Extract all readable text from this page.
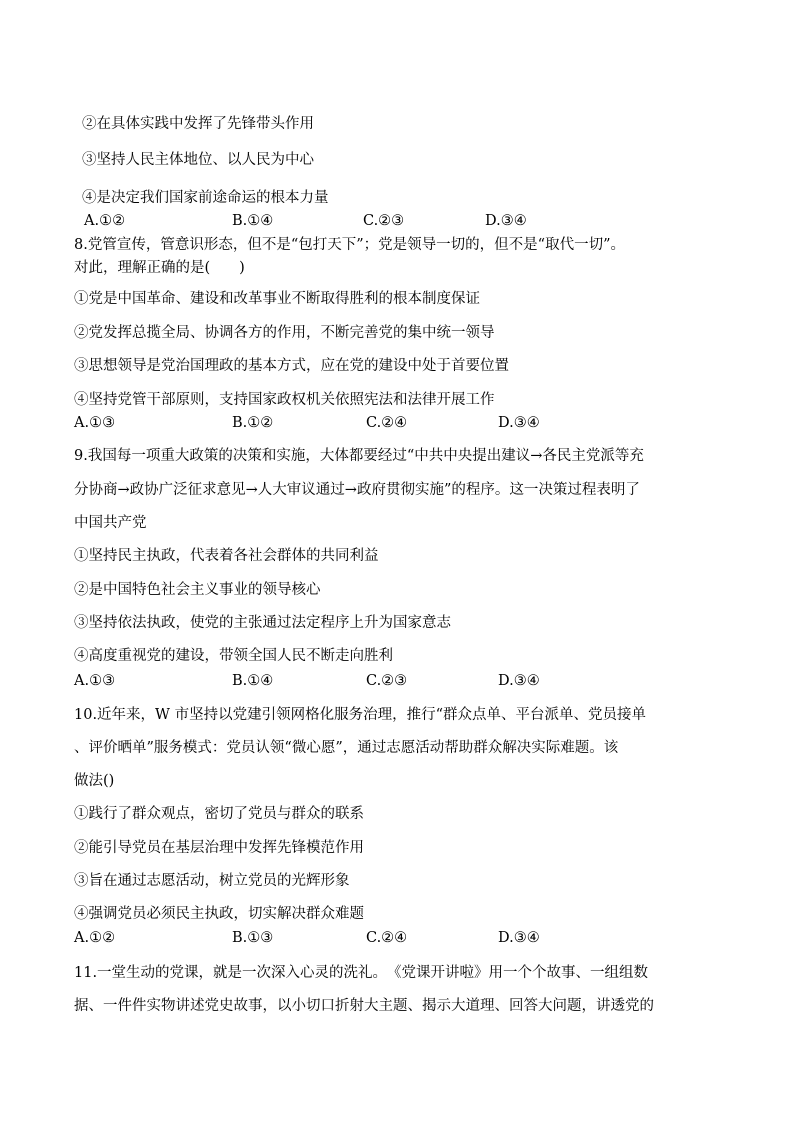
②在具体实践中发挥了先锋带头作用
③坚持人民主体地位、以人民为中心
④是决定我们国家前途命运的根本力量
A.①②	B.①④	C.②③	D.③④
8.党管宣传，管意识形态，但不是“包打天下”；党是领导一切的，但不是“取代一切”。
对此，理解正确的是(　　)
①党是中国革命、建设和改革事业不断取得胜利的根本制度保证
②党发挥总揽全局、协调各方的作用，不断完善党的集中统一领导
③思想领导是党治国理政的基本方式，应在党的建设中处于首要位置
④坚持党管干部原则，支持国家政权机关依照宪法和法律开展工作
A.①③	B.①②	C.②④	D.③④
9.我国每一项重大政策的决策和实施，大体都要经过“中共中央提出建议→各民主党派等充
分协商→政协广泛征求意见→人大审议通过→政府贯彻实施”的程序。这一决策过程表明了
中国共产党
①坚持民主执政，代表着各社会群体的共同利益
②是中国特色社会主义事业的领导核心
③坚持依法执政，使党的主张通过法定程序上升为国家意志
④高度重视党的建设，带领全国人民不断走向胜利
A.①③	B.①④	C.②③	D.③④
10.近年来，W 市坚持以党建引领网格化服务治理，推行“群众点单、平台派单、党员接单
、评价晒单”服务模式：党员认领“微心愿”，通过志愿活动帮助群众解决实际难题。该
做法()
①践行了群众观点，密切了党员与群众的联系
②能引导党员在基层治理中发挥先锋模范作用
③旨在通过志愿活动，树立党员的光辉形象
④强调党员必须民主执政，切实解决群众难题
A.①②	B.①③	C.②④	D.③④
11.一堂生动的党课，就是一次深入心灵的洗礼。　《党课开讲啦》用一个个故事、一组组数
据、一件件实物讲述党史故事，以小切口折射大主题、揭示大道理、回答大问题，讲透党的
